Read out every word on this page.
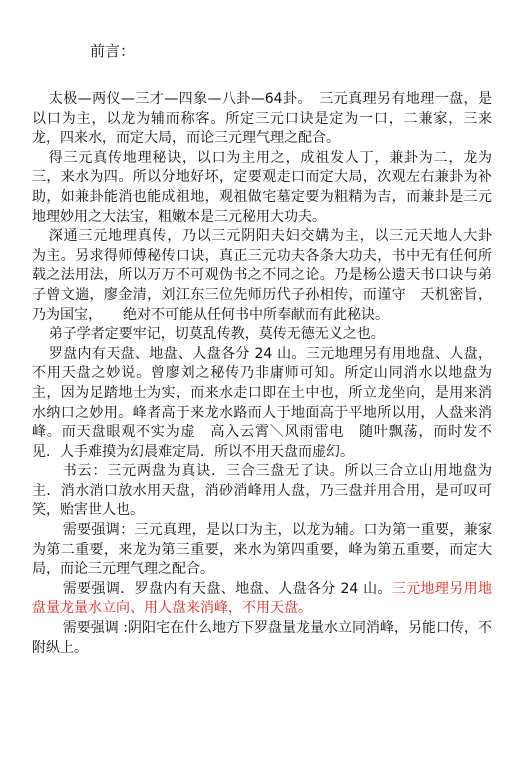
前言：

太极—两仪—三才—四象—八卦—64卦。　三元真理另有地理一盘，是以口为主，以龙为辅而称客。所定三元口诀是定为一口，二兼家，三来龙，四来水，而定大局，而论三元理气理之配合。

得三元真传地理秘诀，以口为主用之，成祖发人丁，兼卦为二，龙为三，来水为四。所以分地好坏，定要观走口而定大局，次观左右兼卦为补助，如兼卦能消也能成祖地，观祖做宅墓定要为粗精为吉，而兼卦是三元地理妙用之大法宝，粗嫩本是三元秘用大功夫。

深通三元地理真传，乃以三元阴阳夫妇交媾为主，以三元天地人大卦　为主。另求得师傅秘传口诀，真正三元功夫各条大功夫，书中无有任何所载之法用法，所以万万不可观伪书之不同之论。乃是杨公遗天书口诀与弟子曾文遄，廖金清，刘江东三位先师历代子孙相传，而谨守　天机密旨，乃为国宝，　　绝对不可能从任何书中所奉献而有此秘诀。

弟子学者定要牢记，切莫乱传教，莫传无德无义之也。

罗盘内有天盘、地盘、人盘各分 24 山。三元地理另有用地盘、人盘，不用天盘之妙说。曾廖刘之秘传乃非庸师可知。所定山同消水以地盘为主，因为足踏地士为实，而来水走口即在土中也，所立龙坐向，是用来消水纳口之妙用。峰者高于来龙水路而人于地面高于平地所以用，人盘来消峰。而天盘眼观不实为虚　高入云霄＼风雨雷电　随叶飘荡，而时发不见．人手难摸为幻晨难定局．所以不用天盘而虚幻。

书云：三元两盘为真诀．三合三盘无了诀。所以三合立山用地盘为　主．消水消口放水用天盘，消砂消峰用人盘，乃三盘并用合用，是可叹可笑，贻害世人也。

需要强调：三元真理，是以口为主，以龙为辅。口为第一重要，兼家　为第二重要，来龙为第三重要，来水为第四重要，峰为第五重要，而定大局，而论三元理气理之配合。

需要强调．罗盘内有天盘、地盘、人盘各分 24 山。三元地理另用地盘量龙量水立向、用人盘来消峰，不用天盘。

需要强调 :阴阳宅在什么地方下罗盘量龙量水立同消峰，另能口传，不附纵上。
